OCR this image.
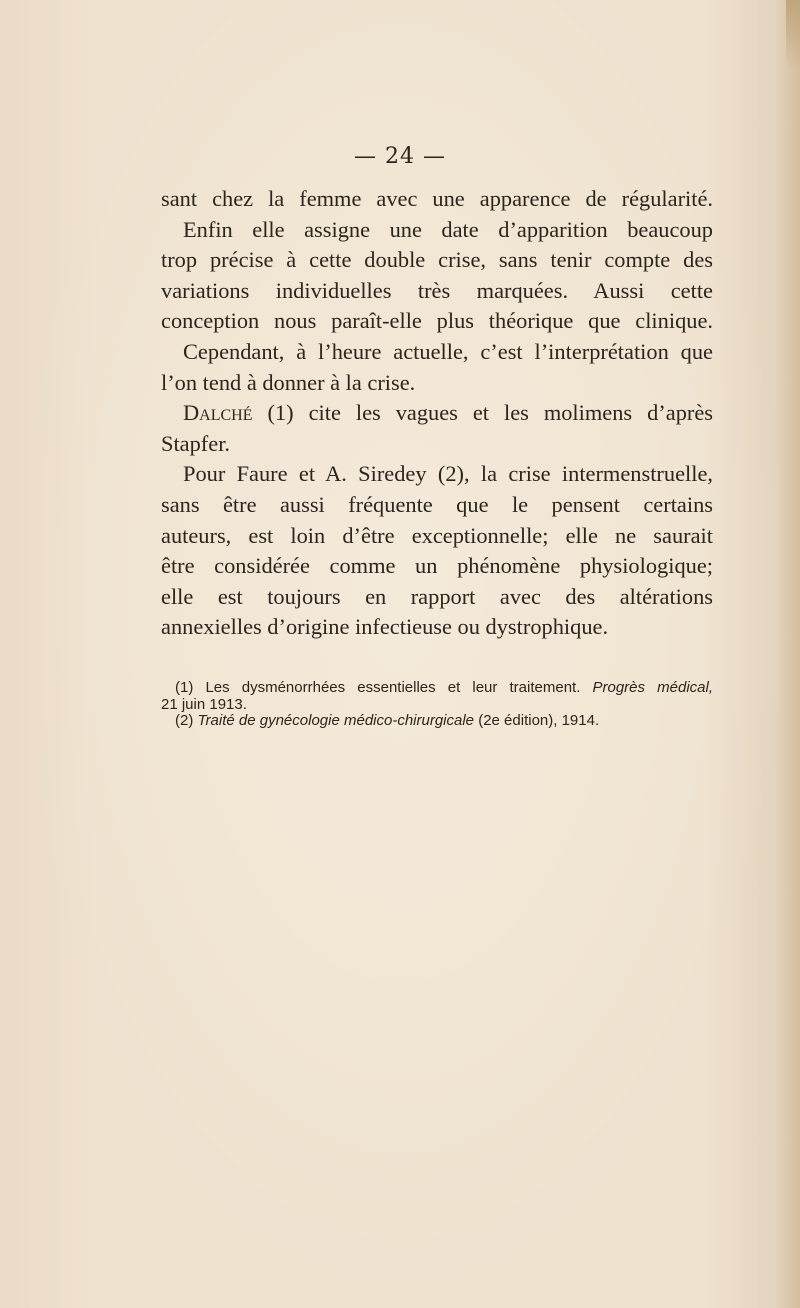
— 24 —
sant chez la femme avec une apparence de régularité.
Enfin elle assigne une date d’apparition beaucoup
trop précise à cette double crise, sans tenir compte des
variations individuelles très marquées. Aussi cette
conception nous paraît-elle plus théorique que clinique.
Cependant, à l’heure actuelle, c’est l’interprétation que
l’on tend à donner à la crise.
Dalché (1) cite les vagues et les molimens d’après
Stapfer.
Pour Faure et A. Siredey (2), la crise intermenstruelle,
sans être aussi fréquente que le pensent certains
auteurs, est loin d’être exceptionnelle; elle ne saurait
être considérée comme un phénomène physiologique;
elle est toujours en rapport avec des altérations
annexielles d’origine infectieuse ou dystrophique.
(1) Les dysménorrhées essentielles et leur traitement. Progrès médical,
21 juin 1913.
(2) Traité de gynécologie médico-chirurgicale (2e édition), 1914.
